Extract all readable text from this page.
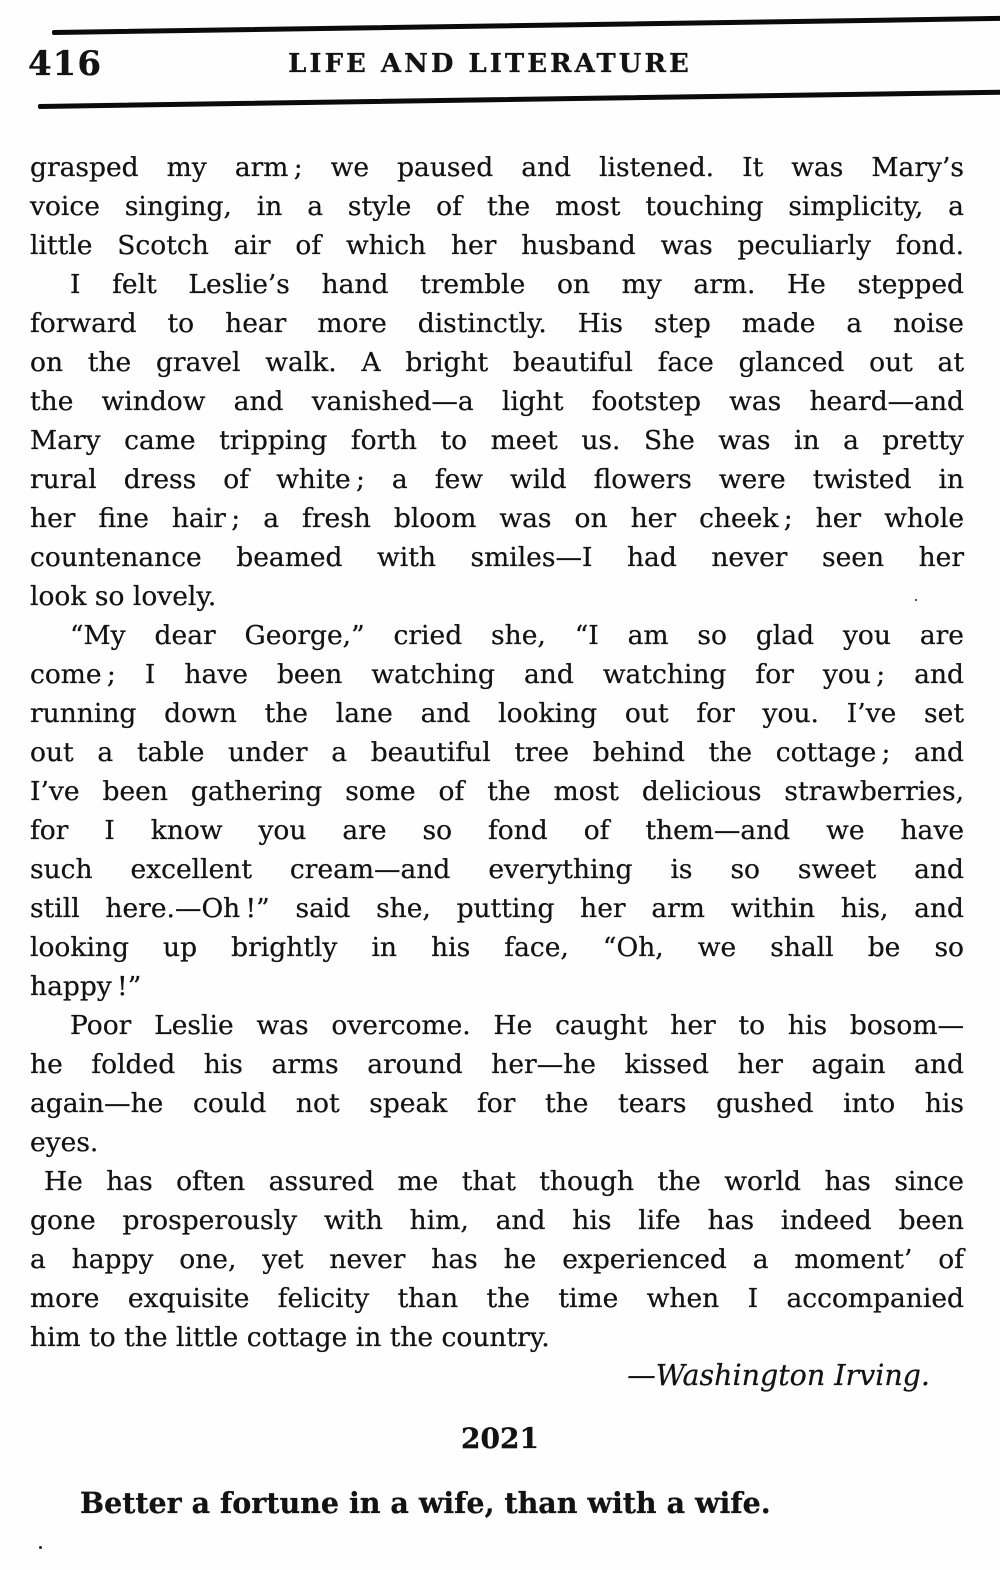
416	LIFE AND LITERATURE
grasped my arm ; we paused and listened. It was Mary’s
voice singing, in a style of the most touching simplicity, a
little Scotch air of which her husband was peculiarly fond.
I felt Leslie’s hand tremble on my arm. He stepped
forward to hear more distinctly. His step made a noise
on the gravel walk. A bright beautiful face glanced out at
the window and vanished—a light footstep was heard—and
Mary came tripping forth to meet us. She was in a pretty
rural dress of white ; a few wild flowers were twisted in
her fine hair ; a fresh bloom was on her cheek ; her whole
countenance beamed with smiles—I had never seen her
look so lovely.
“My dear George,” cried she, “I am so glad you are
come ; I have been watching and watching for you ; and
running down the lane and looking out for you. I’ve set
out a table under a beautiful tree behind the cottage ; and
I’ve been gathering some of the most delicious strawberries,
for I know you are so fond of them—and we have
such excellent cream—and everything is so sweet and
still here.—Oh !” said she, putting her arm within his, and
looking up brightly in his face, “Oh, we shall be so
happy !”
Poor Leslie was overcome. He caught her to his bosom—
he folded his arms around her—he kissed her again and
again—he could not speak for the tears gushed into his
eyes.
He has often assured me that though the world has since
gone prosperously with him, and his life has indeed been
a happy one, yet never has he experienced a moment’ of
more exquisite felicity than the time when I accompanied
him to the little cottage in the country.
—Washington Irving.
2021
Better a fortune in a wife, than with a wife.
